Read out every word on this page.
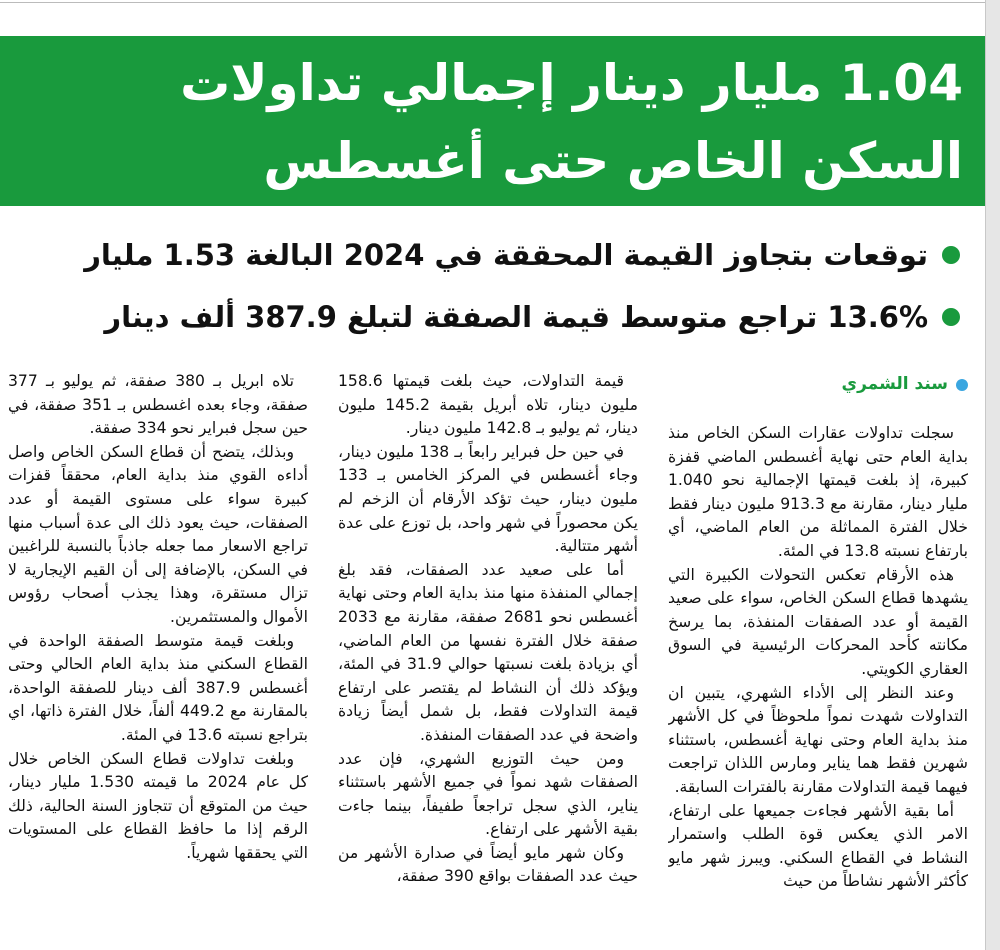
1.04 مليار دينار إجمالي تداولات السكن الخاص حتى أغسطس
توقعات بتجاوز القيمة المحققة في 2024 البالغة 1.53 مليار
13.6% تراجع متوسط قيمة الصفقة لتبلغ 387.9 ألف دينار
سند الشمري

سجلت تداولات عقارات السكن الخاص منذ بداية العام حتى نهاية أغسطس الماضي قفزة كبيرة، إذ بلغت قيمتها الإجمالية نحو 1.040 مليار دينار، مقارنة مع 913.3 مليون دينار فقط خلال الفترة المماثلة من العام الماضي، أي بارتفاع نسبته 13.8 في المئة.

هذه الأرقام تعكس التحولات الكبيرة التي يشهدها قطاع السكن الخاص، سواء على صعيد القيمة أو عدد الصفقات المنفذة، بما يرسخ مكانته كأحد المحركات الرئيسية في السوق العقاري الكويتي.

وعند النظر إلى الأداء الشهري، يتبين ان التداولات شهدت نمواً ملحوظاً في كل الأشهر منذ بداية العام وحتى نهاية أغسطس، باستثناء شهرين فقط هما يناير ومارس اللذان تراجعت فيهما قيمة التداولات مقارنة بالفترات السابقة.

أما بقية الأشهر فجاءت جميعها على ارتفاع، الامر الذي يعكس قوة الطلب واستمرار النشاط في القطاع السكني. ويبرز شهر مايو كأكثر الأشهر نشاطاً من حيث

قيمة التداولات، حيث بلغت قيمتها 158.6 مليون دينار، تلاه أبريل بقيمة 145.2 مليون دينار، ثم يوليو بـ 142.8 مليون دينار.

في حين حل فبراير رابعاً بـ 138 مليون دينار، وجاء أغسطس في المركز الخامس بـ 133 مليون دينار، حيث تؤكد الأرقام أن الزخم لم يكن محصوراً في شهر واحد، بل توزع على عدة أشهر متتالية.

أما على صعيد عدد الصفقات، فقد بلغ إجمالي المنفذة منها منذ بداية العام وحتى نهاية أغسطس نحو 2681 صفقة، مقارنة مع 2033 صفقة خلال الفترة نفسها من العام الماضي، أي بزيادة بلغت نسبتها حوالي 31.9 في المئة، ويؤكد ذلك أن النشاط لم يقتصر على ارتفاع قيمة التداولات فقط، بل شمل أيضاً زيادة واضحة في عدد الصفقات المنفذة.

ومن حيث التوزيع الشهري، فإن عدد الصفقات شهد نمواً في جميع الأشهر باستثناء يناير، الذي سجل تراجعاً طفيفاً، بينما جاءت بقية الأشهر على ارتفاع.

وكان شهر مايو أيضاً في صدارة الأشهر من حيث عدد الصفقات بواقع 390 صفقة،

تلاه ابريل بـ 380 صفقة، ثم يوليو بـ 377 صفقة، وجاء بعده اغسطس بـ 351 صفقة، في حين سجل فبراير نحو 334 صفقة.

وبذلك، يتضح أن قطاع السكن الخاص واصل أداءه القوي منذ بداية العام، محققاً قفزات كبيرة سواء على مستوى القيمة أو عدد الصفقات، حيث يعود ذلك الى عدة أسباب منها تراجع الاسعار مما جعله جاذباً بالنسبة للراغبين في السكن، بالإضافة إلى أن القيم الإيجارية لا تزال مستقرة، وهذا يجذب أصحاب رؤوس الأموال والمستثمرين.

وبلغت قيمة متوسط الصفقة الواحدة في القطاع السكني منذ بداية العام الحالي وحتى أغسطس 387.9 ألف دينار للصفقة الواحدة، بالمقارنة مع 449.2 ألفاً، خلال الفترة ذاتها، اي بتراجع نسبته 13.6 في المئة.

وبلغت تداولات قطاع السكن الخاص خلال كل عام 2024 ما قيمته 1.530 مليار دينار، حيث من المتوقع أن تتجاوز السنة الحالية، ذلك الرقم إذا ما حافظ القطاع على المستويات التي يحققها شهرياً.
